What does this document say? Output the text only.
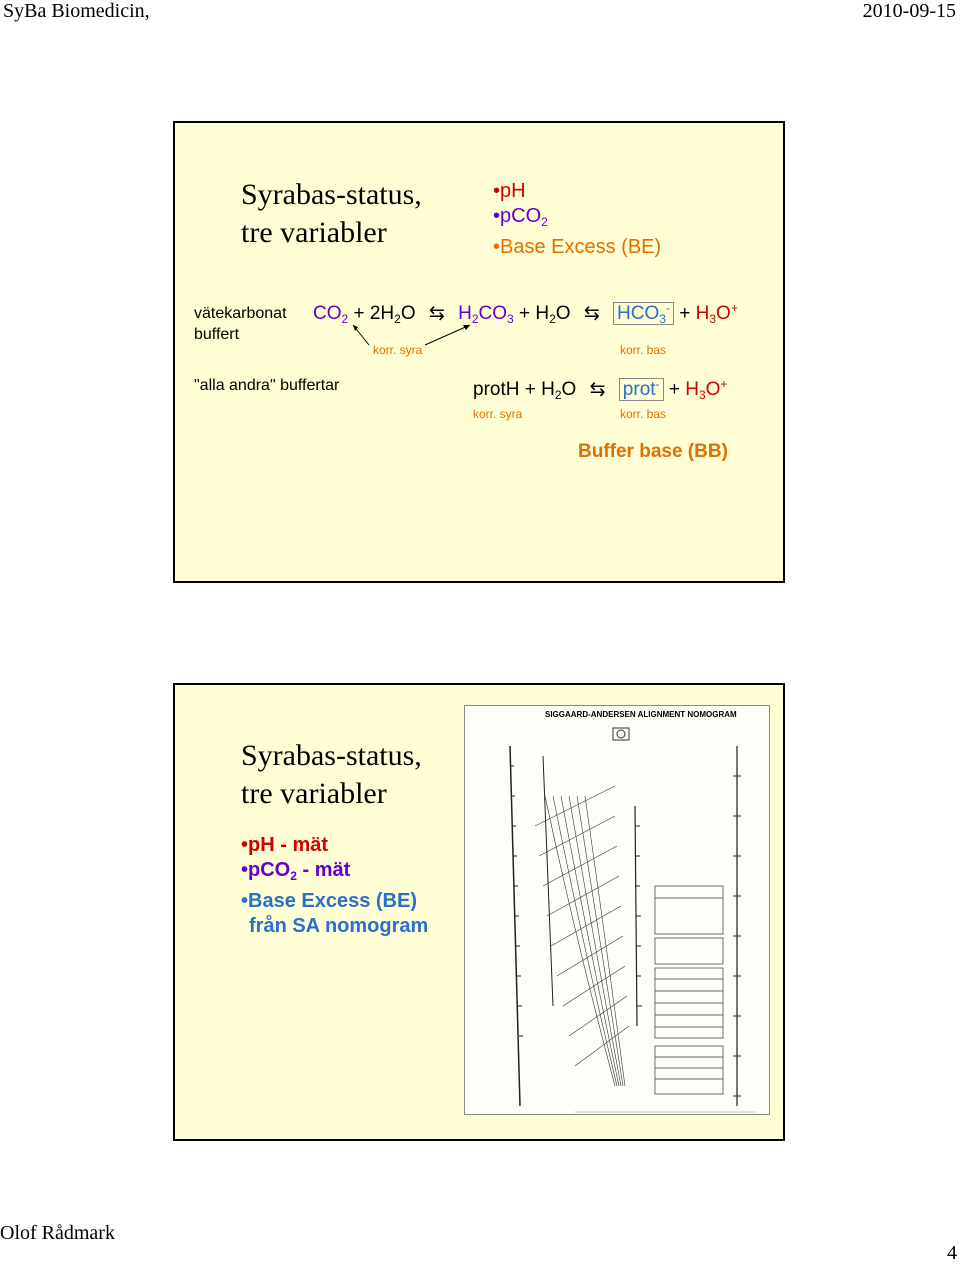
SyBa Biomedicin,	2010-09-15
Syrabas-status,
tre variabler
•pH
•pCO$_2$
•Base Excess (BE)
vätekarbonat
buffert
$CO_2 + 2H_2O$ ⇆ $H_2CO_3 + H_2O$ ⇆ $HCO_3^- + H_3O^+$
korr. syra	korr. bas
"alla andra" buffertar	protH + $H_2O$ ⇆ prot- + $H_3O^+$
korr. syra	korr. bas
Buffer base (BB)
Syrabas-status,
tre variabler
•pH - mät
•pCO$_2$ - mät
•Base Excess (BE)
från SA nomogram
SIGGAARD-ANDERSEN ALIGNMENT NOMOGRAM
Olof Rådmark
4
